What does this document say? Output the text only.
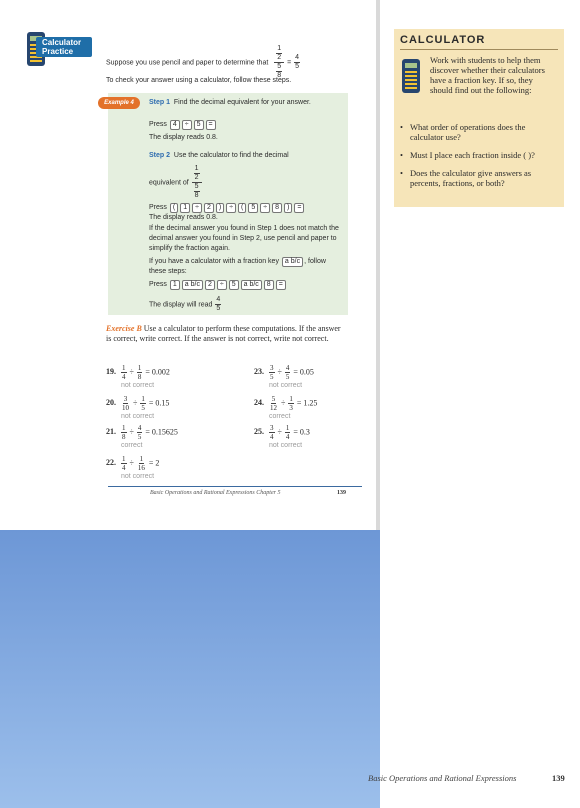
Calculator
Practice
Suppose you use pencil and paper to determine that $\frac{\frac{1}{2}}{\frac{5}{8}} = \frac{4}{5}$
To check your answer using a calculator, follow these steps.
Step 1 Find the decimal equivalent for your answer.
Press 4 ÷ 5 =
The display reads 0.8.
Step 2 Use the calculator to find the decimal
equivalent of $\frac{\frac{1}{2}}{\frac{5}{8}}$
Press ( 1 ÷ 2 ) ÷ ( 5 ÷ 8 ) =
The display reads 0.8.
If the decimal answer you found in Step 1 does not match the decimal answer you found in Step 2, use pencil and paper to simplify the fraction again.
If you have a calculator with a fraction key a b/c , follow these steps:
Press 1 a b/c 2 ÷ 5 a b/c 8 =
The display will read $\frac{4}{5}$
Example 4
Exercise B Use a calculator to perform these computations. If the answer is correct, write correct. If the answer is not correct, write not correct.
19. $\frac{1}{4} \div \frac{1}{8} = 0.002$
not correct
23. $\frac{3}{5} \div \frac{4}{5} = 0.05$
not correct
20. $\frac{3}{10} \div \frac{1}{5} = 0.15$
not correct
24. $\frac{5}{12} \div \frac{1}{3} = 1.25$
correct
21. $\frac{1}{8} \div \frac{4}{5} = 0.15625$
correct
25. $\frac{3}{4} \div \frac{1}{4} = 0.3$
not correct
22. $\frac{1}{4} \div \frac{1}{16} = 2$
not correct
Basic Operations and Rational Expressions Chapter 5	139
CALCULATOR
Work with students to help them discover whether their calculators have a fraction key. If so, they should find out the following:
• What order of operations does the calculator use?
• Must I place each fraction inside ( )?
• Does the calculator give answers as percents, fractions, or both?
Basic Operations and Rational Expressions	139
